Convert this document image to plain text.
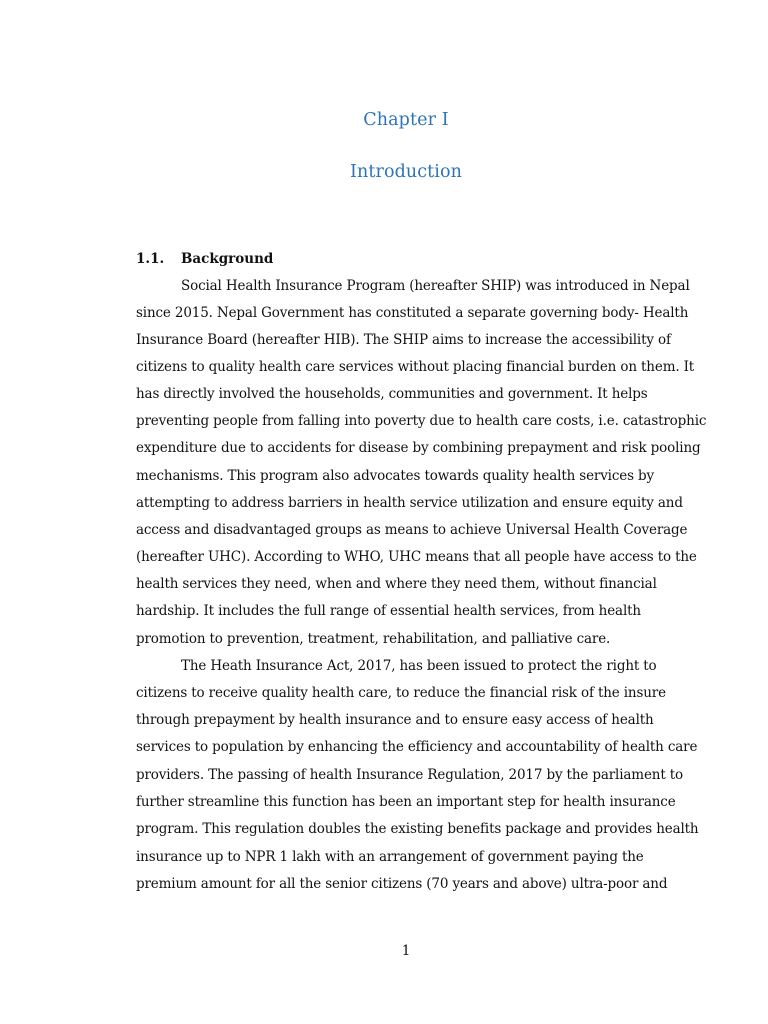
Chapter I
Introduction
1.1. Background
Social Health Insurance Program (hereafter SHIP) was introduced in Nepal
since 2015. Nepal Government has constituted a separate governing body- Health
Insurance Board (hereafter HIB). The SHIP aims to increase the accessibility of
citizens to quality health care services without placing financial burden on them. It
has directly involved the households, communities and government. It helps
preventing people from falling into poverty due to health care costs, i.e. catastrophic
expenditure due to accidents for disease by combining prepayment and risk pooling
mechanisms. This program also advocates towards quality health services by
attempting to address barriers in health service utilization and ensure equity and
access and disadvantaged groups as means to achieve Universal Health Coverage
(hereafter UHC). According to WHO, UHC means that all people have access to the
health services they need, when and where they need them, without financial
hardship. It includes the full range of essential health services, from health
promotion to prevention, treatment, rehabilitation, and palliative care.
The Heath Insurance Act, 2017, has been issued to protect the right to
citizens to receive quality health care, to reduce the financial risk of the insure
through prepayment by health insurance and to ensure easy access of health
services to population by enhancing the efficiency and accountability of health care
providers. The passing of health Insurance Regulation, 2017 by the parliament to
further streamline this function has been an important step for health insurance
program. This regulation doubles the existing benefits package and provides health
insurance up to NPR 1 lakh with an arrangement of government paying the
premium amount for all the senior citizens (70 years and above) ultra-poor and
1
